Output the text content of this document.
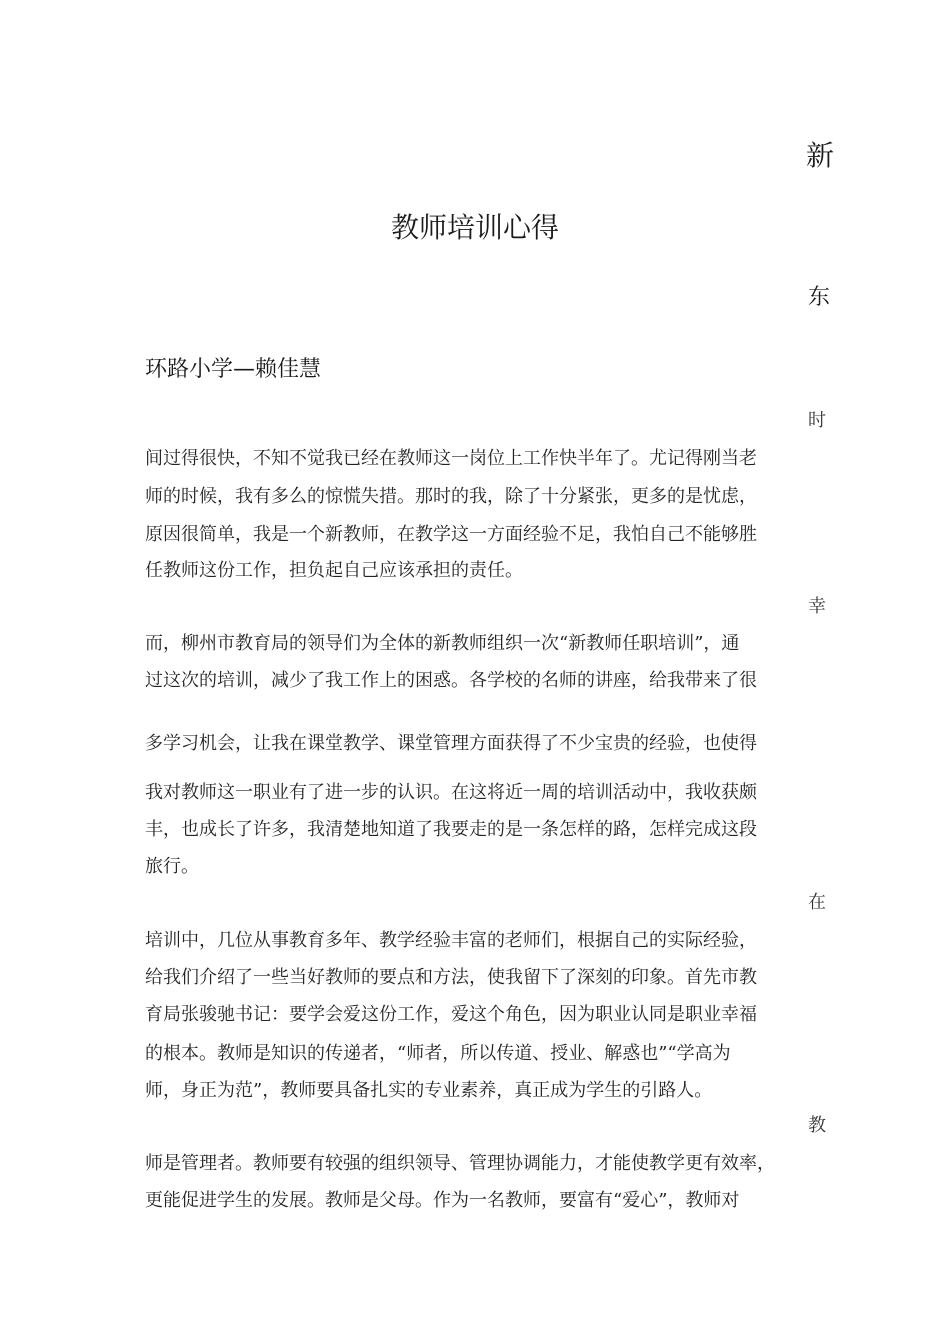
新
教师培训心得
东
环路小学—赖佳慧
时
间过得很快，不知不觉我已经在教师这一岗位上工作快半年了。尤记得刚当老
师的时候，我有多么的惊慌失措。那时的我，除了十分紧张，更多的是忧虑，
原因很简单，我是一个新教师，在教学这一方面经验不足，我怕自己不能够胜
任教师这份工作，担负起自己应该承担的责任。
幸
而，柳州市教育局的领导们为全体的新教师组织一次“新教师任职培训”，通
过这次的培训，减少了我工作上的困惑。各学校的名师的讲座，给我带来了很
多学习机会，让我在课堂教学、课堂管理方面获得了不少宝贵的经验，也使得
我对教师这一职业有了进一步的认识。在这将近一周的培训活动中，我收获颇
丰，也成长了许多，我清楚地知道了我要走的是一条怎样的路，怎样完成这段
旅行。
在
培训中，几位从事教育多年、教学经验丰富的老师们，根据自己的实际经验，
给我们介绍了一些当好教师的要点和方法，使我留下了深刻的印象。首先市教
育局张骏驰书记：要学会爱这份工作，爱这个角色，因为职业认同是职业幸福
的根本。教师是知识的传递者，“师者，所以传道、授业、解惑也”“学高为
师，身正为范”，教师要具备扎实的专业素养，真正成为学生的引路人。
教
师是管理者。教师要有较强的组织领导、管理协调能力，才能使教学更有效率，
更能促进学生的发展。教师是父母。作为一名教师，要富有“爱心”，教师对
